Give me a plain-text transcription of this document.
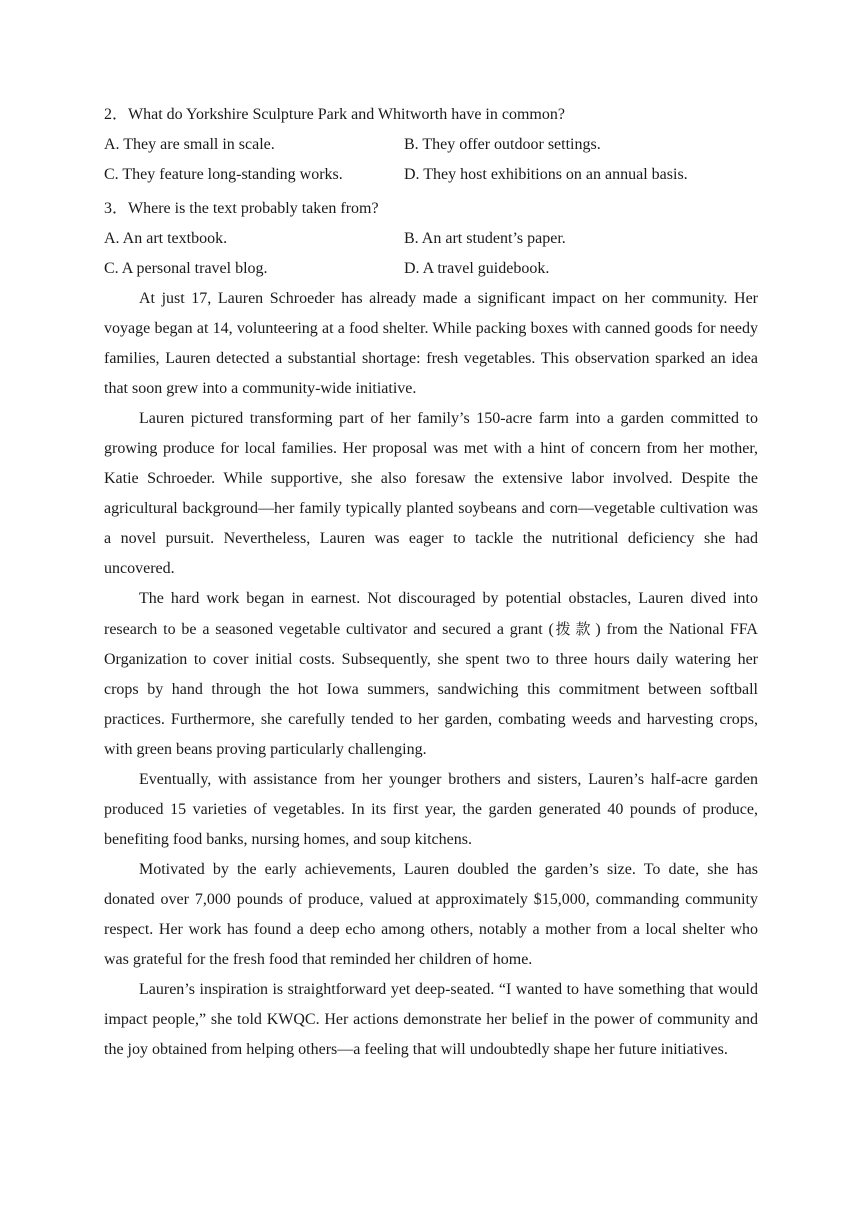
2．What do Yorkshire Sculpture Park and Whitworth have in common?

A. They are small in scale.	B. They offer outdoor settings.
C. They feature long-standing works.	D. They host exhibitions on an annual basis.

3．Where is the text probably taken from?

A. An art textbook.	B. An art student’s paper.
C. A personal travel blog.	D. A travel guidebook.

At just 17, Lauren Schroeder has already made a significant impact on her community. Her voyage began at 14, volunteering at a food shelter. While packing boxes with canned goods for needy families, Lauren detected a substantial shortage: fresh vegetables. This observation sparked an idea that soon grew into a community-wide initiative.

Lauren pictured transforming part of her family’s 150-acre farm into a garden committed to growing produce for local families. Her proposal was met with a hint of concern from her mother, Katie Schroeder. While supportive, she also foresaw the extensive labor involved. Despite the agricultural background—her family typically planted soybeans and corn—vegetable cultivation was a novel pursuit. Nevertheless, Lauren was eager to tackle the nutritional deficiency she had uncovered.

The hard work began in earnest. Not discouraged by potential obstacles, Lauren dived into research to be a seasoned vegetable cultivator and secured a grant (拨款) from the National FFA Organization to cover initial costs. Subsequently, she spent two to three hours daily watering her crops by hand through the hot Iowa summers, sandwiching this commitment between softball practices. Furthermore, she carefully tended to her garden, combating weeds and harvesting crops, with green beans proving particularly challenging.

Eventually, with assistance from her younger brothers and sisters, Lauren’s half-acre garden produced 15 varieties of vegetables. In its first year, the garden generated 40 pounds of produce, benefiting food banks, nursing homes, and soup kitchens.

Motivated by the early achievements, Lauren doubled the garden’s size. To date, she has donated over 7,000 pounds of produce, valued at approximately $15,000, commanding community respect. Her work has found a deep echo among others, notably a mother from a local shelter who was grateful for the fresh food that reminded her children of home.

Lauren’s inspiration is straightforward yet deep-seated. “I wanted to have something that would impact people,” she told KWQC. Her actions demonstrate her belief in the power of community and the joy obtained from helping others—a feeling that will undoubtedly shape her future initiatives.
